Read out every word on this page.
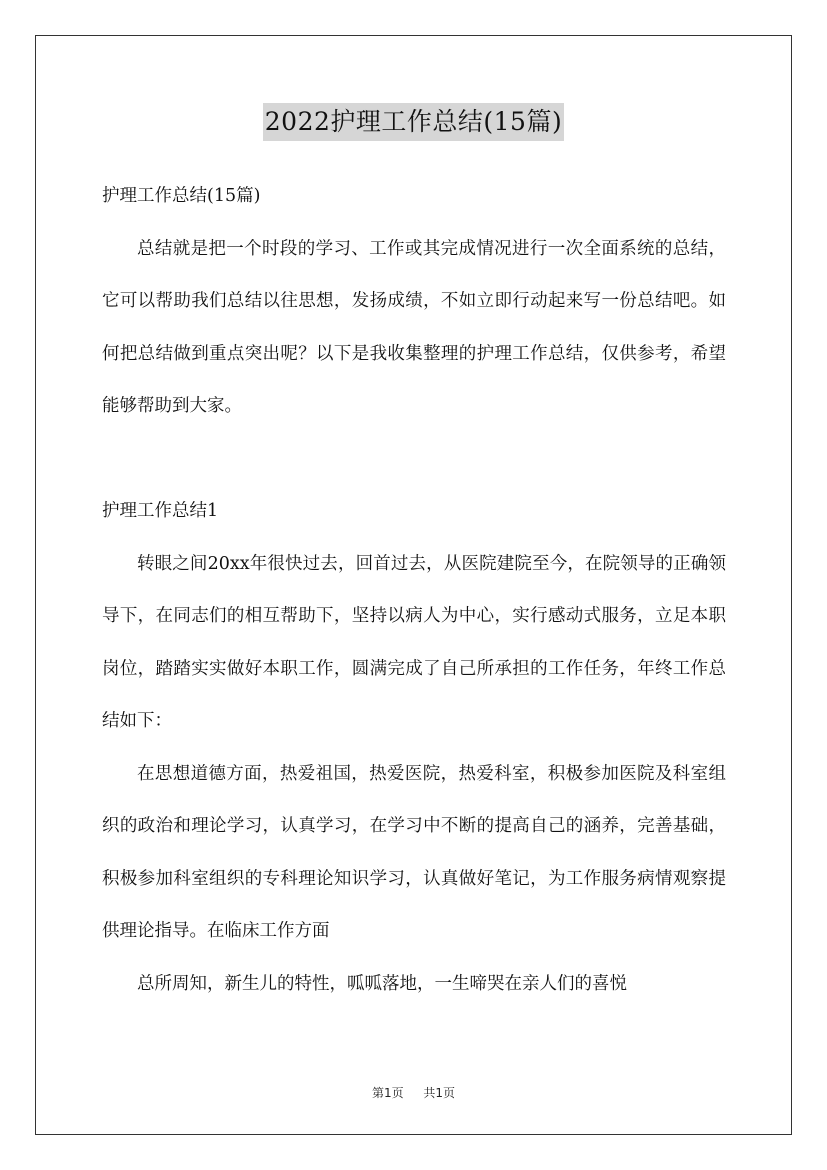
2022护理工作总结(15篇)

护理工作总结(15篇)

总结就是把一个时段的学习、工作或其完成情况进行一次全面系统的总结，它可以帮助我们总结以往思想，发扬成绩，不如立即行动起来写一份总结吧。如何把总结做到重点突出呢？以下是我收集整理的护理工作总结，仅供参考，希望能够帮助到大家。

护理工作总结1

转眼之间20xx年很快过去，回首过去，从医院建院至今，在院领导的正确领导下，在同志们的相互帮助下，坚持以病人为中心，实行感动式服务，立足本职岗位，踏踏实实做好本职工作，圆满完成了自己所承担的工作任务，年终工作总结如下：

在思想道德方面，热爱祖国，热爱医院，热爱科室，积极参加医院及科室组织的政治和理论学习，认真学习，在学习中不断的提高自己的涵养，完善基础，积极参加科室组织的专科理论知识学习，认真做好笔记，为工作服务病情观察提供理论指导。在临床工作方面

总所周知，新生儿的特性，呱呱落地，一生啼哭在亲人们的喜悦

第1页 共1页
